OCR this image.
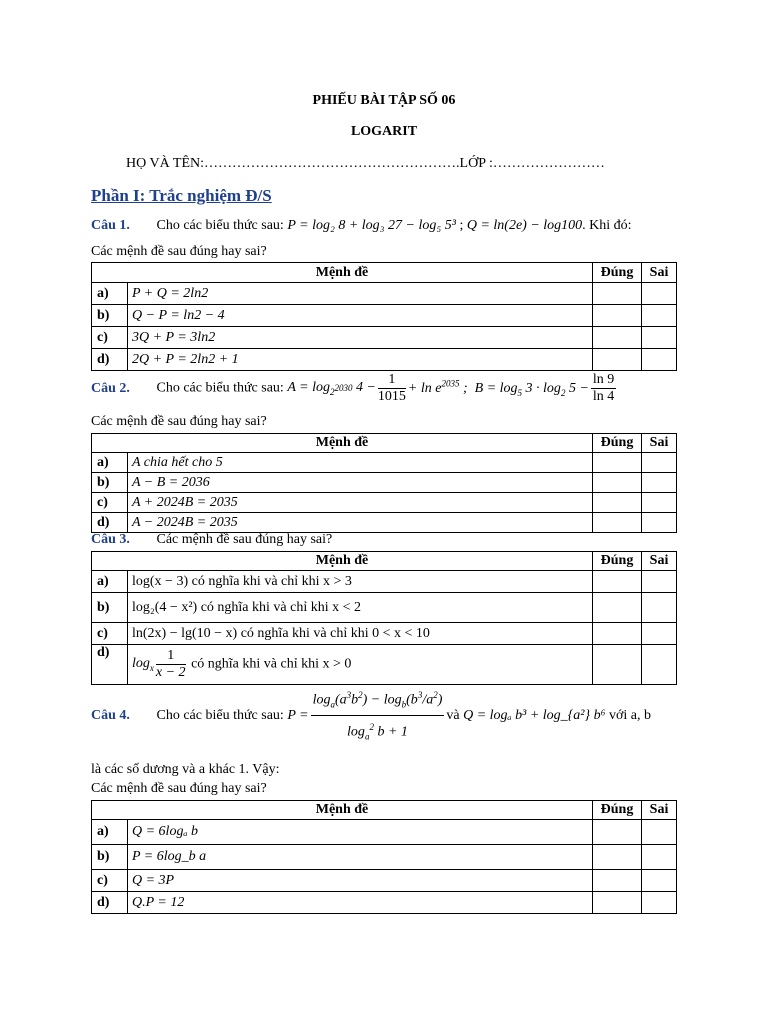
PHIẾU BÀI TẬP SỐ 06
LOGARIT
HỌ VÀ TÊN:……………………………………………….LỚP :……………………
Phần I: Trắc nghiệm Đ/S
Câu 1. Cho các biểu thức sau: P = log₂ 8 + log₃ 27 − log₅ 5³ ; Q = ln(2e) − log100. Khi đó:
Các mệnh đề sau đúng hay sai?
Mệnh đề		Đúng	Sai
a)	P + Q = 2ln2		
b)	Q − P = ln2 − 4		
c)	3Q + P = 3ln2		
d)	2Q + P = 2ln2 + 1		
Câu 2. Cho các biểu thức sau: $A = \log_{2^{2030}} 4 - \frac{1}{1015} + \ln e^{2035}$ ;  $B = \log_5 3 \cdot \log_2 5 - \frac{\ln 9}{\ln 4}$
Các mệnh đề sau đúng hay sai?
Mệnh đề		Đúng	Sai
a)	A chia hết cho 5		
b)	A − B = 2036		
c)	A + 2024B = 2035		
d)	A − 2024B = 2035		
Câu 3. Các mệnh đề sau đúng hay sai?
Mệnh đề		Đúng	Sai
a)	log(x − 3) có nghĩa khi và chỉ khi x > 3		
b)	log₂(4 − x²) có nghĩa khi và chỉ khi x < 2		
c)	ln(2x) − lg(10 − x) có nghĩa khi và chỉ khi 0 < x < 10		
d)	$\log_x \frac{1}{x - 2}$ có nghĩa khi và chỉ khi x > 0		
Câu 4. Cho các biểu thức sau: $P = \frac{\log_a(a^3b^2) - \log_b(b^3/a^2)}{\log_a^2 b + 1}$ và Q = logₐ b³ + log_{a²} b⁶ với a, b
là các số dương và a khác 1. Vậy:
Các mệnh đề sau đúng hay sai?
Mệnh đề		Đúng	Sai
a)	Q = 6logₐ b		
b)	P = 6log_b a		
c)	Q = 3P		
d)	Q.P = 12		
